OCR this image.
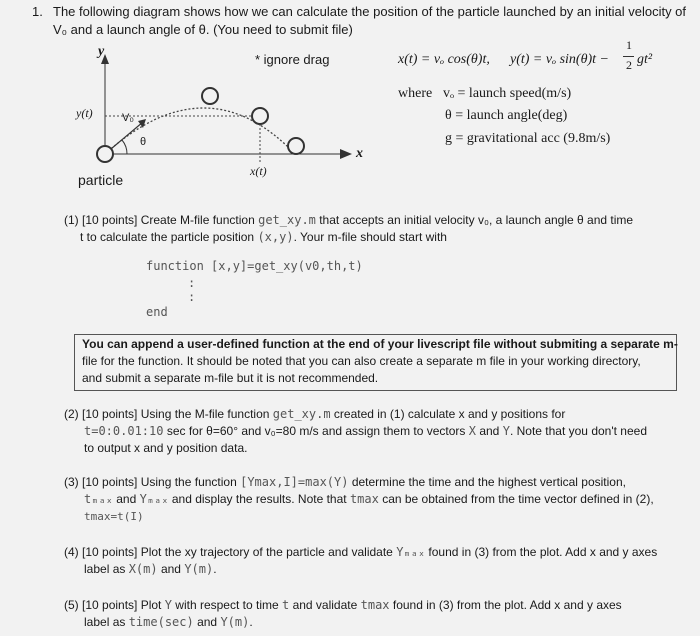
1. The following diagram shows how we can calculate the position of the particle launched by an initial velocity of
V₀ and a launch angle of θ. (You need to submit file)
y
x
y(t)
x(t)
V₀
θ
particle
* ignore drag	x(t) = vₒ cos(θ)t, y(t) = vₒ sin(θ)t −
1
2 gt²
where vₒ = launch speed(m/s)
θ = launch angle(deg)
g = gravitational acc (9.8m/s)
(1) [10 points] Create M-file function get_xy.m that accepts an initial velocity v₀, a launch angle θ and time
t to calculate the particle position (x,y). Your m-file should start with
function [x,y]=get_xy(v0,th,t)
:
:
end
You can append a user-defined function at the end of your livescript file without submiting a separate m-
file for the function. It should be noted that you can also create a separate m file in your working directory,
and submit a separate m-file but it is not recommended.
(2) [10 points] Using the M-file function get_xy.m created in (1) calculate x and y positions for
t=0:0.01:10 sec for θ=60° and v₀=80 m/s and assign them to vectors X and Y. Note that you don't need
to output x and y position data.
(3) [10 points] Using the function [Ymax,I]=max(Y) determine the time and the highest vertical position,
tₘₐₓ and Yₘₐₓ and display the results. Note that tmax can be obtained from the time vector defined in (2),
tmax=t(I)
(4) [10 points] Plot the xy trajectory of the particle and validate Yₘₐₓ found in (3) from the plot. Add x and y axes
label as X(m) and Y(m).
(5) [10 points] Plot Y with respect to time t and validate tmax found in (3) from the plot. Add x and y axes
label as time(sec) and Y(m).
